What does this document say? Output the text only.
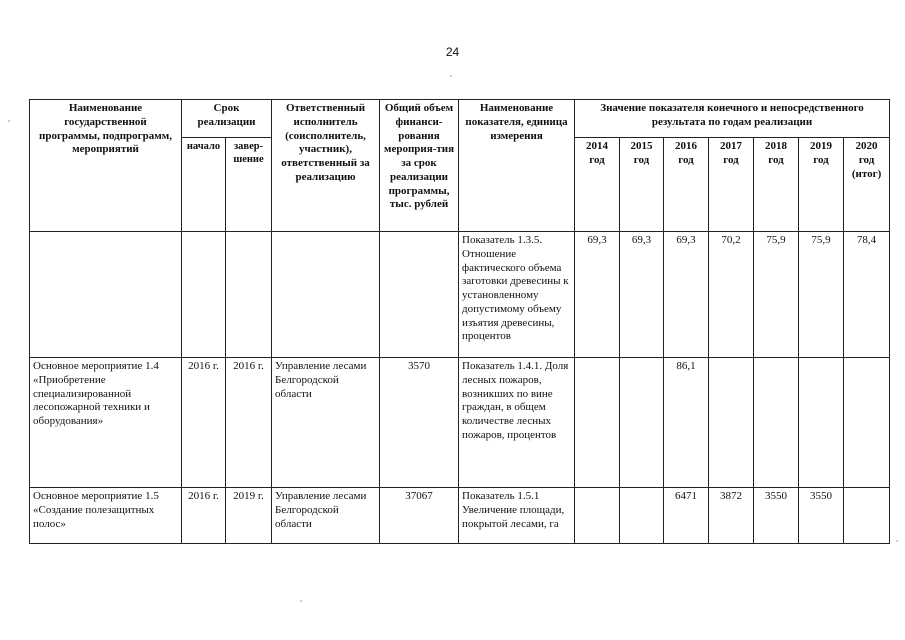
24
Наименование государственной программы, подпрограмм, мероприятий	Срок реализации		Ответственный исполнитель (соисполнитель, участник), ответственный за реализацию	Общий объем финанси-рования мероприя-тия за срок реализации программы, тыс. рублей	Наименование показателя, единица измерения	Значение показателя конечного и непосредственного результата по годам реализации						
	начало	завер-шение				2014 год	2015 год	2016 год	2017 год	2018 год	2019 год	2020 год (итог)
					Показатель 1.3.5. Отношение фактического объема заготовки древесины к установленному допустимому объему изъятия древесины, процентов	69,3	69,3	69,3	70,2	75,9	75,9	78,4
Основное мероприятие 1.4 «Приобретение специализированной лесопожарной техники и оборудования»	2016 г.	2016 г.	Управление лесами Белгородской области	3570	Показатель 1.4.1. Доля лесных пожаров, возникших по вине граждан, в общем количестве лесных пожаров, процентов			86,1				
Основное мероприятие 1.5 «Создание полезащитных полос»	2016 г.	2019 г.	Управление лесами Белгородской области	37067	Показатель 1.5.1 Увеличение площади, покрытой лесами, га			6471	3872	3550	3550	
